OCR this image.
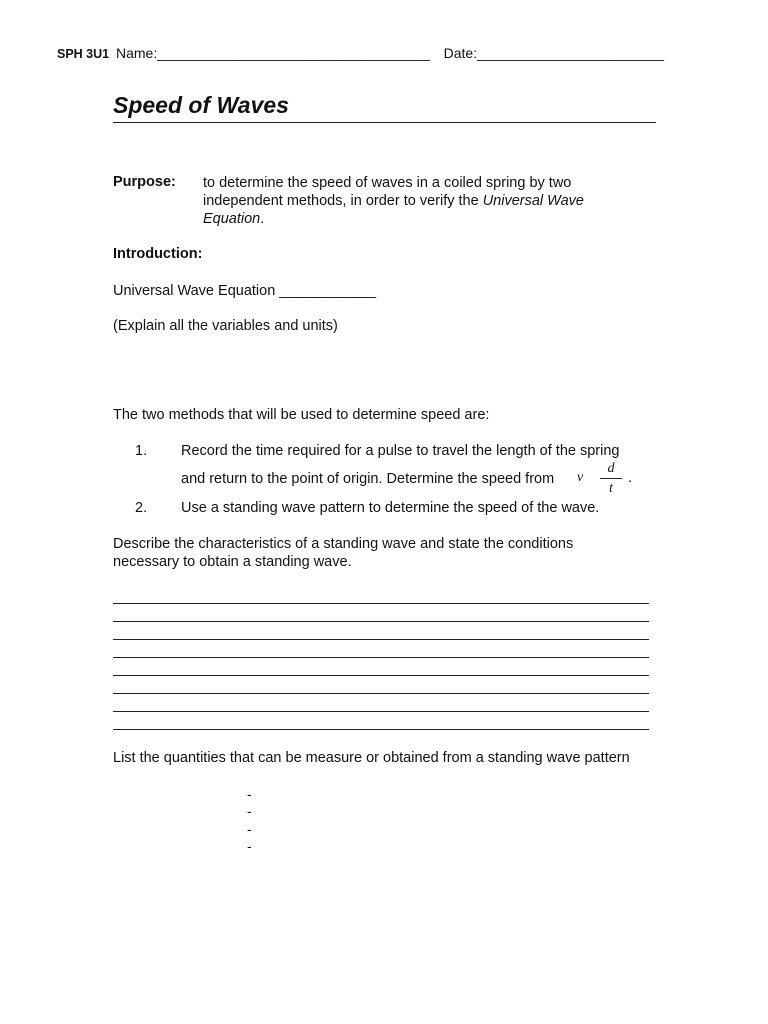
SPH 3U1 Name:___________________________________ Date:________________________
Speed of Waves
Purpose: to determine the speed of waves in a coiled spring by two independent methods, in order to verify the Universal Wave Equation.
Introduction:
Universal Wave Equation ____________
(Explain all the variables and units)
The two methods that will be used to determine speed are:
1. Record the time required for a pulse to travel the length of the spring
and return to the point of origin. Determine the speed from v
d
t
.
2. Use a standing wave pattern to determine the speed of the wave.
Describe the characteristics of a standing wave and state the conditions necessary to obtain a standing wave.
List the quantities that can be measure or obtained from a standing wave pattern
-
-
-
-
